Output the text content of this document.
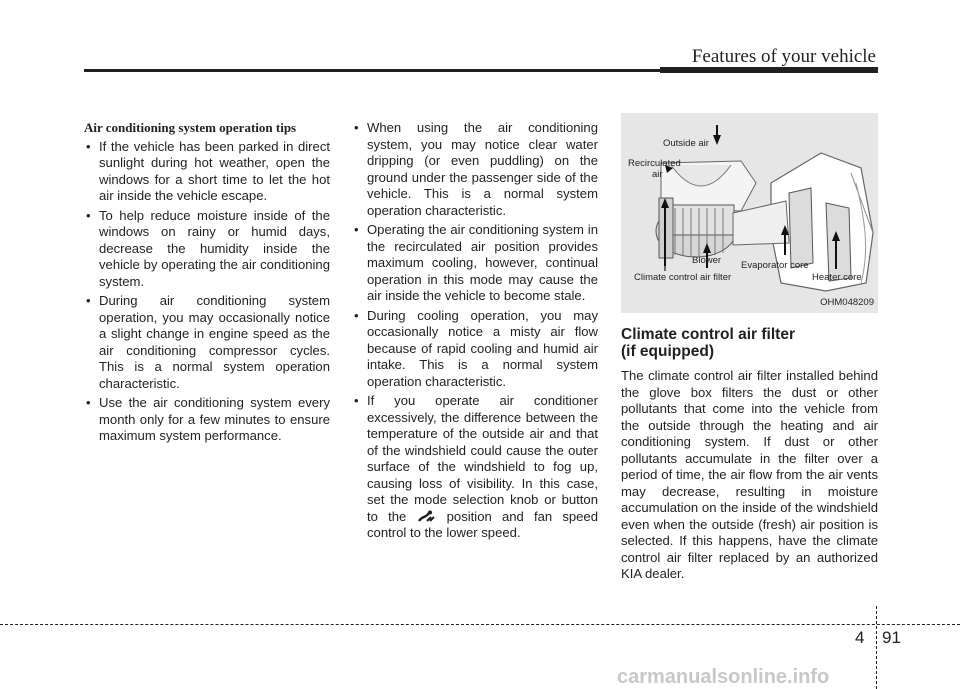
Features of your vehicle
Air conditioning system operation tips
• If the vehicle has been parked in direct sunlight during hot weather, open the windows for a short time to let the hot air inside the vehicle escape.
• To help reduce moisture inside of the windows on rainy or humid days, decrease the humidity inside the vehicle by operating the air conditioning system.
• During air conditioning system operation, you may occasionally notice a slight change in engine speed as the air conditioning compressor cycles. This is a normal system operation characteristic.
• Use the air conditioning system every month only for a few minutes to ensure maximum system performance.
• When using the air conditioning system, you may notice clear water dripping (or even puddling) on the ground under the passenger side of the vehicle. This is a normal system operation characteristic.
• Operating the air conditioning system in the recirculated air position provides maximum cooling, however, continual operation in this mode may cause the air inside the vehicle to become stale.
• During cooling operation, you may occasionally notice a misty air flow because of rapid cooling and humid air intake. This is a normal system operation characteristic.
• If you operate air conditioner excessively, the difference between the temperature of the outside air and that of the windshield could cause the outer surface of the windshield to fog up, causing loss of visibility. In this case, set the mode selection knob or button to the	position and fan speed control to the lower speed.
Outside air
Recirculated
air
Blower Evaporator core
Climate control air filter	Heater core
OHM048209
Climate control air filter
(if equipped)
The climate control air filter installed behind the glove box filters the dust or other pollutants that come into the vehicle from the outside through the heating and air conditioning system. If dust or other pollutants accumulate in the filter over a period of time, the air flow from the air vents may decrease, resulting in moisture accumulation on the inside of the windshield even when the outside (fresh) air position is selected. If this happens, have the climate control air filter replaced by an authorized KIA dealer.
4 91
carmanualsonline.info
